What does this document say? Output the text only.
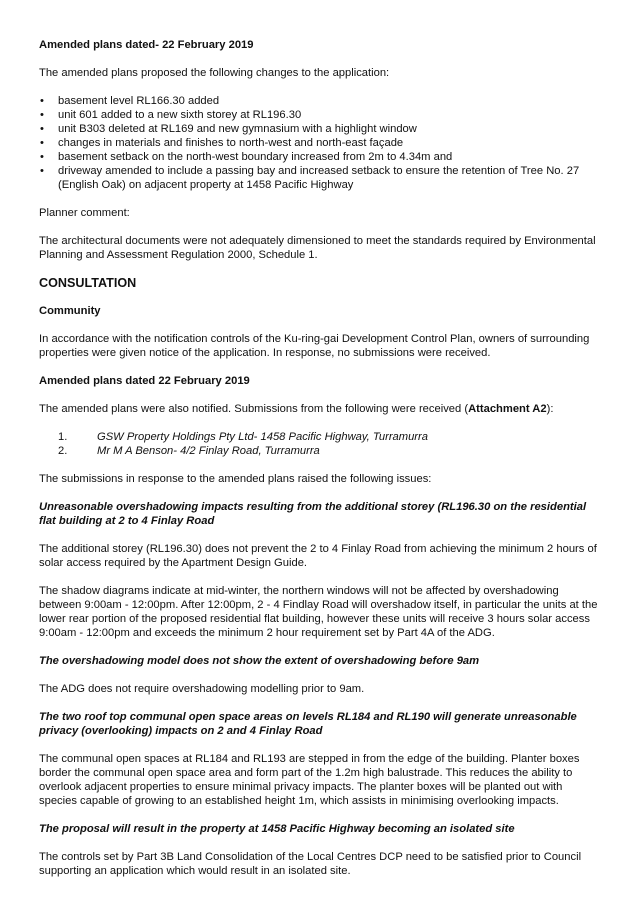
Amended plans dated- 22 February 2019

The amended plans proposed the following changes to the application:

• basement level RL166.30 added
• unit 601 added to a new sixth storey at RL196.30
• unit B303 deleted at RL169 and new gymnasium with a highlight window
• changes in materials and finishes to north-west and north-east façade
• basement setback on the north-west boundary increased from 2m to 4.34m and
• driveway amended to include a passing bay and increased setback to ensure the retention of Tree No. 27 (English Oak) on adjacent property at 1458 Pacific Highway

Planner comment:

The architectural documents were not adequately dimensioned to meet the standards required by Environmental Planning and Assessment Regulation 2000, Schedule 1.

CONSULTATION

Community

In accordance with the notification controls of the Ku-ring-gai Development Control Plan, owners of surrounding properties were given notice of the application. In response, no submissions were received.

Amended plans dated 22 February 2019

The amended plans were also notified. Submissions from the following were received (Attachment A2):

1.	GSW Property Holdings Pty Ltd- 1458 Pacific Highway, Turramurra
2.	Mr M A Benson- 4/2 Finlay Road, Turramurra

The submissions in response to the amended plans raised the following issues:

Unreasonable overshadowing impacts resulting from the additional storey (RL196.30 on the residential flat building at 2 to 4 Finlay Road

The additional storey (RL196.30) does not prevent the 2 to 4 Finlay Road from achieving the minimum 2 hours of solar access required by the Apartment Design Guide.

The shadow diagrams indicate at mid-winter, the northern windows will not be affected by overshadowing between 9:00am - 12:00pm. After 12:00pm, 2 - 4 Findlay Road will overshadow itself, in particular the units at the lower rear portion of the proposed residential flat building, however these units will receive 3 hours solar access 9:00am - 12:00pm and exceeds the minimum 2 hour requirement set by Part 4A of the ADG.

The overshadowing model does not show the extent of overshadowing before 9am

The ADG does not require overshadowing modelling prior to 9am.

The two roof top communal open space areas on levels RL184 and RL190 will generate unreasonable privacy (overlooking) impacts on 2 and 4 Finlay Road

The communal open spaces at RL184 and RL193 are stepped in from the edge of the building. Planter boxes border the communal open space area and form part of the 1.2m high balustrade. This reduces the ability to overlook adjacent properties to ensure minimal privacy impacts. The planter boxes will be planted out with species capable of growing to an established height 1m, which assists in minimising overlooking impacts.

The proposal will result in the property at 1458 Pacific Highway becoming an isolated site

The controls set by Part 3B Land Consolidation of the Local Centres DCP need to be satisfied prior to Council supporting an application which would result in an isolated site.
